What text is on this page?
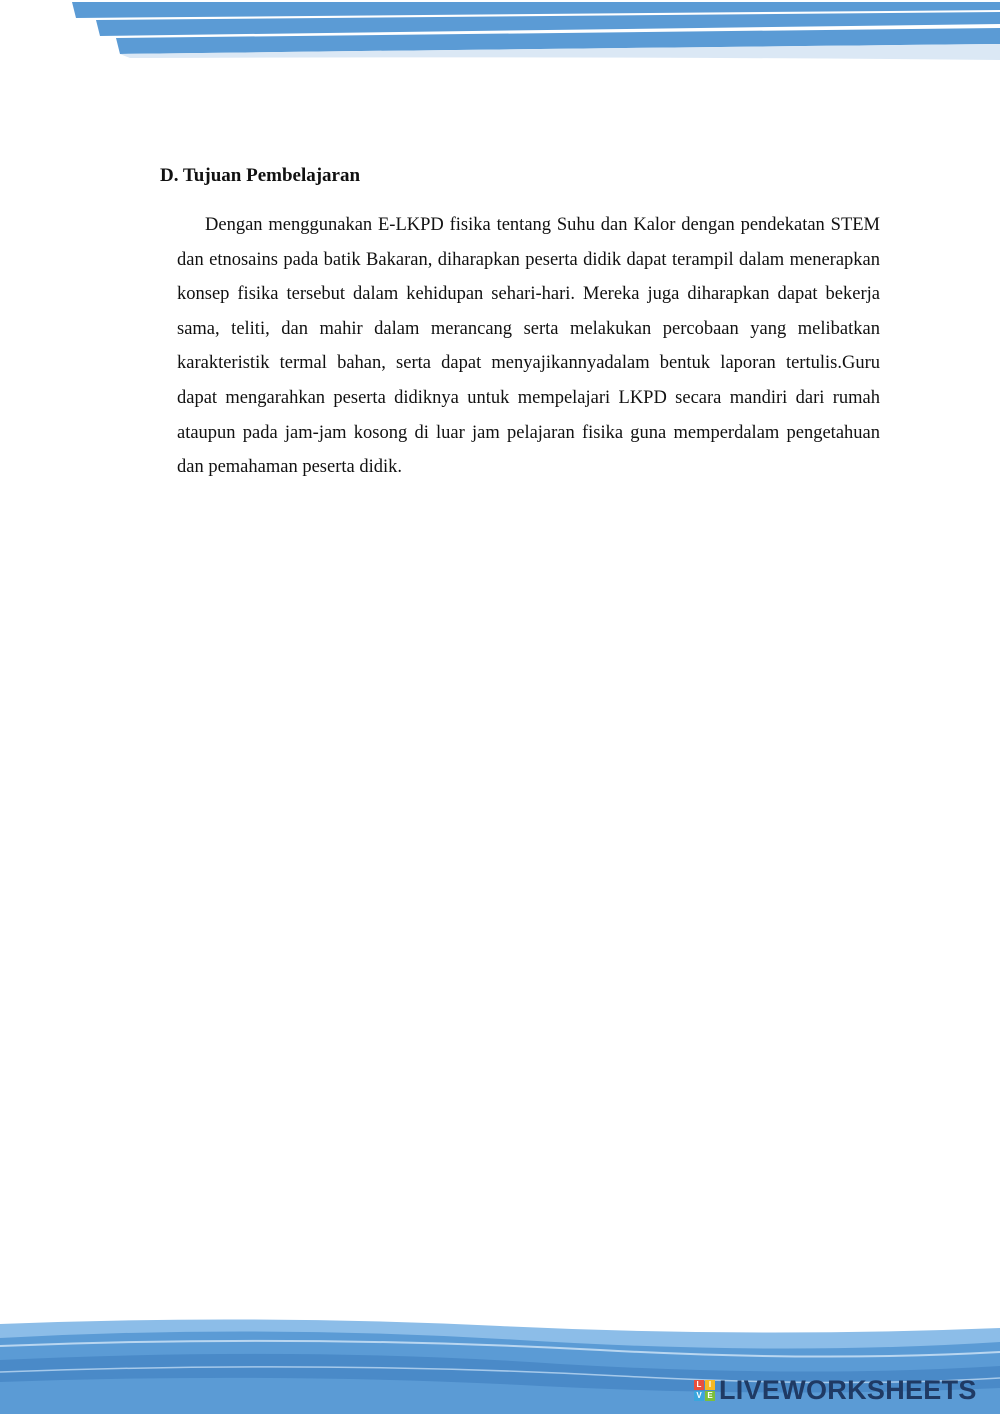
D. Tujuan Pembelajaran

Dengan menggunakan E-LKPD fisika tentang Suhu dan Kalor dengan pendekatan STEM dan etnosains pada batik Bakaran, diharapkan peserta didik dapat terampil dalam menerapkan konsep fisika tersebut dalam kehidupan sehari-hari. Mereka juga diharapkan dapat bekerja sama, teliti, dan mahir dalam merancang serta melakukan percobaan yang melibatkan karakteristik termal bahan, serta dapat menyajikannyadalam bentuk laporan tertulis.Guru dapat mengarahkan peserta didiknya untuk mempelajari LKPD secara mandiri dari rumah ataupun pada jam-jam kosong di luar jam pelajaran fisika guna memperdalam pengetahuan dan pemahaman peserta didik.

L I
V E LIVEWORKSHEETS
